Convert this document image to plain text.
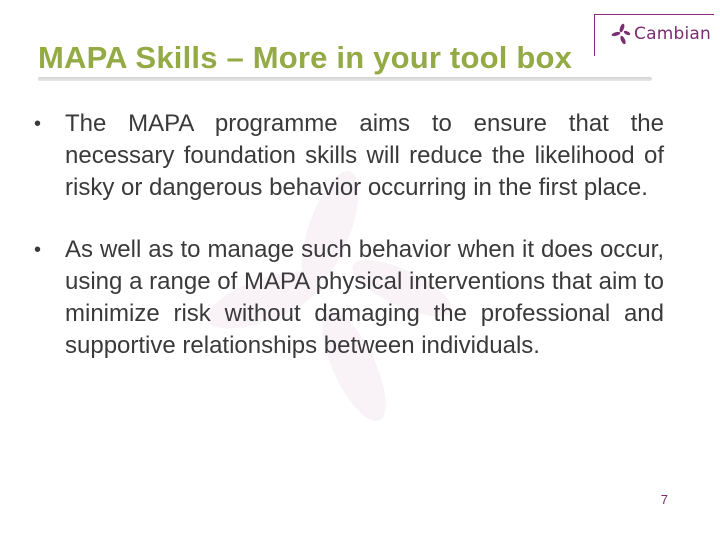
MAPA Skills – More in your tool box
Cambian
• The MAPA programme aims to ensure that the necessary foundation skills will reduce the likelihood of risky or dangerous behavior occurring in the first place.
• As well as to manage such behavior when it does occur, using a range of MAPA physical interventions that aim to minimize risk without damaging the professional and supportive relationships between individuals.
7
